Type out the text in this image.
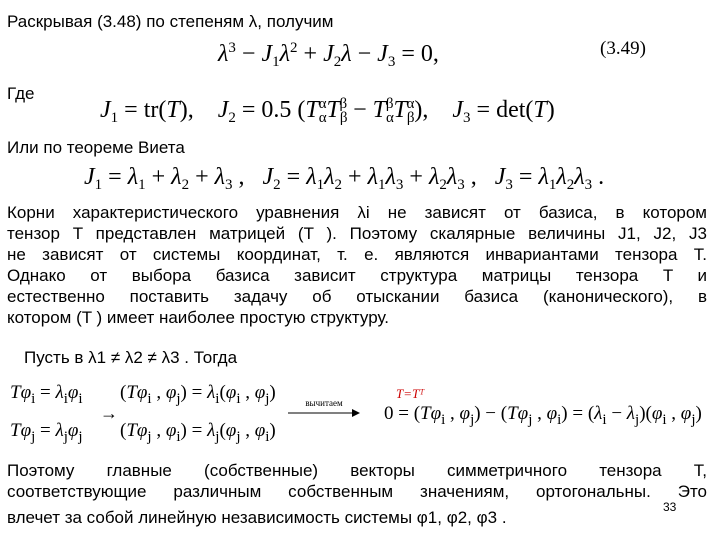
Раскрывая (3.48) по степеням λ, получим
$\lambda^3 - J_1\lambda^2 + J_2\lambda - J_3 = 0$,	(3.49)
Где
$J_1 = tr(T)$,    $J_2 = 0.5$ $(T_\alpha^\alpha T_\beta^\beta - T_\alpha^\beta T_\beta^\alpha)$,    $J_3 = \det(T)$
Или по теореме Виета
$J_1 = \lambda_1 + \lambda_2 + \lambda_3$ ,   $J_2 = \lambda_1\lambda_2 + \lambda_1\lambda_3 + \lambda_2\lambda_3$ ,   $J_3 = \lambda_1\lambda_2\lambda_3$ .
Корни характеристического уравнения λi не зависят от базиса, в котором
тензор T представлен матрицей (T ). Поэтому скалярные величины J1, J2, J3
не зависят от системы координат, т. е. являются инвариантами тензора T.
Однако от выбора базиса зависит структура матрицы тензора T и
естественно поставить задачу об отыскании базиса (канонического), в
котором (T ) имеет наиболее простую структуру.
Пусть в λ1 ≠ λ2 ≠ λ3 . Тогда
$T\varphi_i = \lambda_i\varphi_i$
$T\varphi_j = \lambda_j\varphi_j$
→
($T\varphi_i$ , $\varphi_j) = \lambda_i(\varphi_i$ , $\varphi_j$)
($T\varphi_j$ , $\varphi_i) = \lambda_j(\varphi_j$ , $\varphi_i$)
вычитаем
T=Tᵀ
$0 = (T\varphi_i$ , $\varphi_j) - (T\varphi_j$ , $\varphi_i) = (\lambda_i - \lambda_j)(\varphi_i$ , $\varphi_j$)
Поэтому главные (собственные) векторы симметричного тензора T,
соответствующие различным собственным значениям, ортогональны. Это
влечет за собой линейную независимость системы φ1, φ2, φ3 .
33
